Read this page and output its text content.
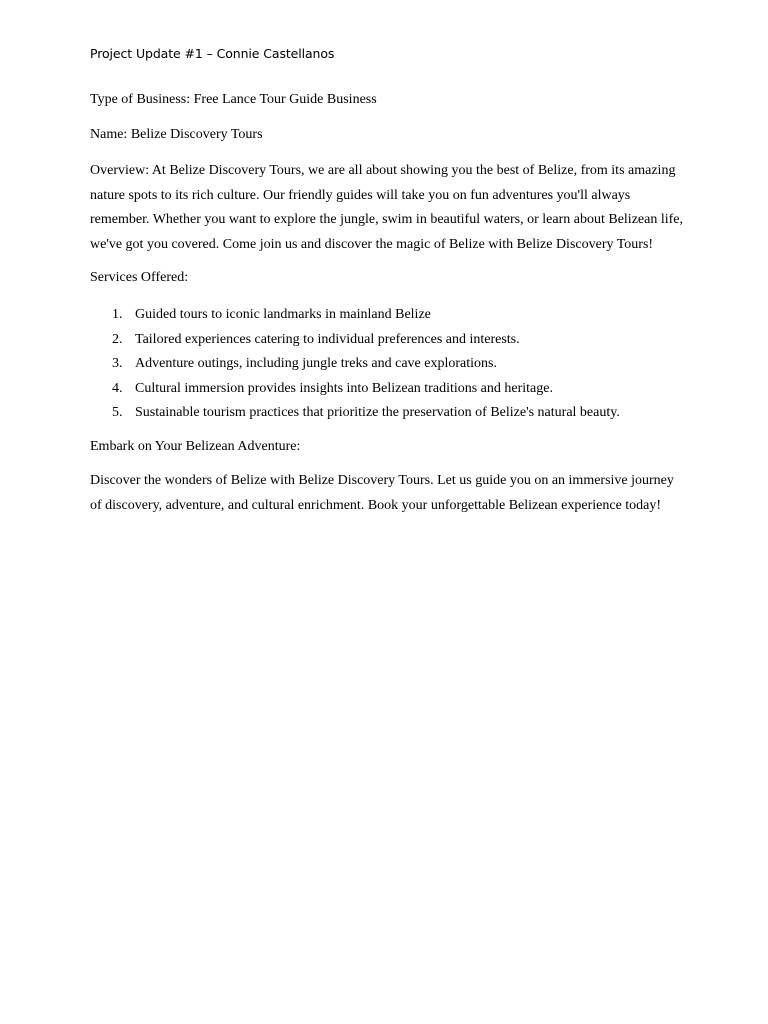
Project Update #1 – Connie Castellanos

Type of Business: Free Lance Tour Guide Business

Name: Belize Discovery Tours

Overview: At Belize Discovery Tours, we are all about showing you the best of Belize, from its amazing

nature spots to its rich culture. Our friendly guides will take you on fun adventures you'll always

remember. Whether you want to explore the jungle, swim in beautiful waters, or learn about Belizean life,

we've got you covered. Come join us and discover the magic of Belize with Belize Discovery Tours!

Services Offered:

1. Guided tours to iconic landmarks in mainland Belize
2. Tailored experiences catering to individual preferences and interests.
3. Adventure outings, including jungle treks and cave explorations.
4. Cultural immersion provides insights into Belizean traditions and heritage.
5. Sustainable tourism practices that prioritize the preservation of Belize's natural beauty.

Embark on Your Belizean Adventure:

Discover the wonders of Belize with Belize Discovery Tours. Let us guide you on an immersive journey

of discovery, adventure, and cultural enrichment. Book your unforgettable Belizean experience today!
